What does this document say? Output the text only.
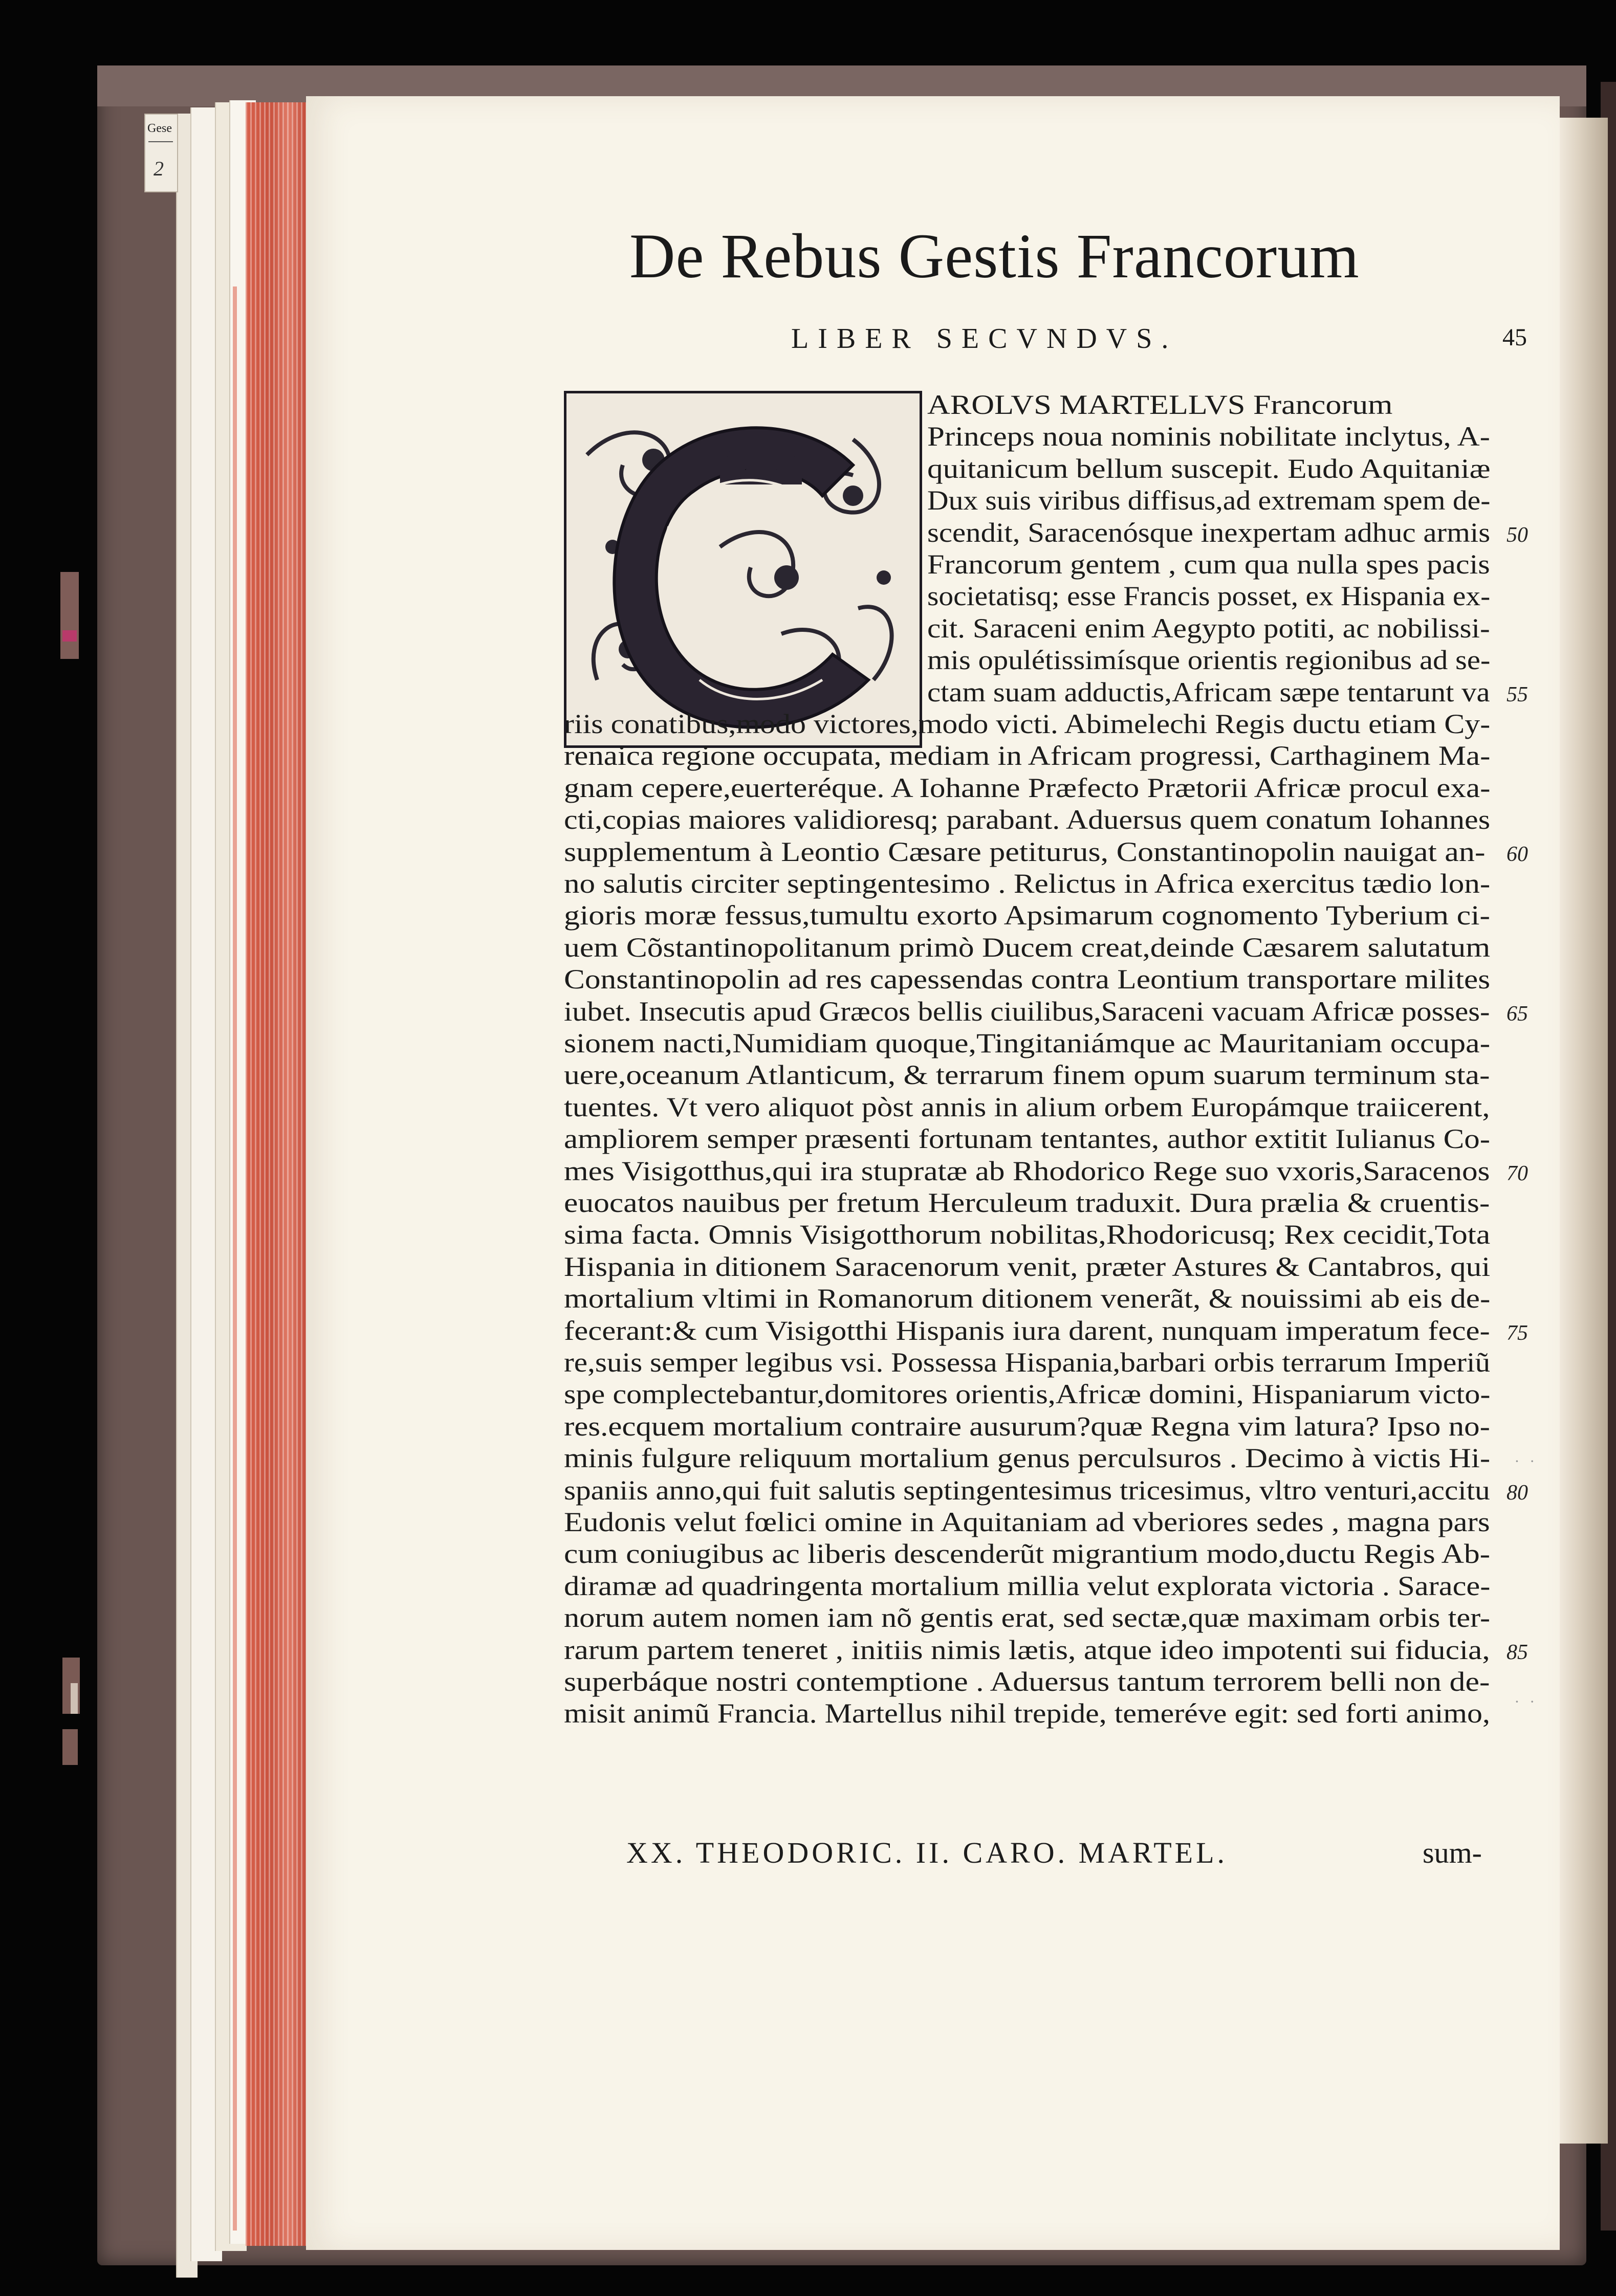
Gese
2
De Rebus Gestis Francorum
LIBER SECVNDVS.	45
AROLVS MARTELLVS Francorum
Princeps noua nominis nobilitate inclytus, A-
quitanicum bellum suscepit. Eudo Aquitaniæ
Dux suis viribus diffisus,ad extremam spem de-
scendit, Saracenósque inexpertam adhuc armis
Francorum gentem , cum qua nulla spes pacis
societatisq; esse Francis posset, ex Hispania ex-
cit. Saraceni enim Aegypto potiti, ac nobilissi-
mis opulétissimísque orientis regionibus ad se-
ctam suam adductis,Africam sæpe tentarunt va
riis conatibus,modo victores,modo victi. Abimelechi Regis ductu etiam Cy-
renaica regione occupata, mediam in Africam progressi, Carthaginem Ma-
gnam cepere,euerteréque. A Iohanne Præfecto Prætorii Africæ procul exa-
cti,copias maiores validioresq; parabant. Aduersus quem conatum Iohannes
supplementum à Leontio Cæsare petiturus, Constantinopolin nauigat an-
no salutis circiter septingentesimo . Relictus in Africa exercitus tædio lon-
gioris moræ fessus,tumultu exorto Apsimarum cognomento Tyberium ci-
uem Cõstantinopolitanum primò Ducem creat,deinde Cæsarem salutatum
Constantinopolin ad res capessendas contra Leontium transportare milites
iubet. Insecutis apud Græcos bellis ciuilibus,Saraceni vacuam Africæ posses-
sionem nacti,Numidiam quoque,Tingitaniámque ac Mauritaniam occupa-
uere,oceanum Atlanticum, & terrarum finem opum suarum terminum sta-
tuentes. Vt vero aliquot pòst annis in alium orbem Europámque traiicerent,
ampliorem semper præsenti fortunam tentantes, author extitit Iulianus Co-
mes Visigotthus,qui ira stupratæ ab Rhodorico Rege suo vxoris,Saracenos
euocatos nauibus per fretum Herculeum traduxit. Dura prælia & cruentis-
sima facta. Omnis Visigotthorum nobilitas,Rhodoricusq; Rex cecidit,Tota
Hispania in ditionem Saracenorum venit, præter Astures & Cantabros, qui
mortalium vltimi in Romanorum ditionem venerãt, & nouissimi ab eis de-
fecerant:& cum Visigotthi Hispanis iura darent, nunquam imperatum fece-
re,suis semper legibus vsi. Possessa Hispania,barbari orbis terrarum Imperiũ
spe complectebantur,domitores orientis,Africæ domini, Hispaniarum victo-
res.ecquem mortalium contraire ausurum?quæ Regna vim latura? Ipso no-
minis fulgure reliquum mortalium genus perculsuros . Decimo à victis Hi-
spaniis anno,qui fuit salutis septingentesimus tricesimus, vltro venturi,accitu
Eudonis velut fœlici omine in Aquitaniam ad vberiores sedes , magna pars
cum coniugibus ac liberis descenderũt migrantium modo,ductu Regis Ab-
diramæ ad quadringenta mortalium millia velut explorata victoria . Sarace-
norum autem nomen iam nõ gentis erat, sed sectæ,quæ maximam orbis ter-
rarum partem teneret , initiis nimis lætis, atque ideo impotenti sui fiducia,
superbáque nostri contemptione . Aduersus tantum terrorem belli non de-
misit animũ Francia. Martellus nihil trepide, temeréve egit: sed forti animo,
50
55
60
65
70
75
80
85
XX. THEODORIC. II. CARO. MARTEL.	sum-
· ·
· ·
